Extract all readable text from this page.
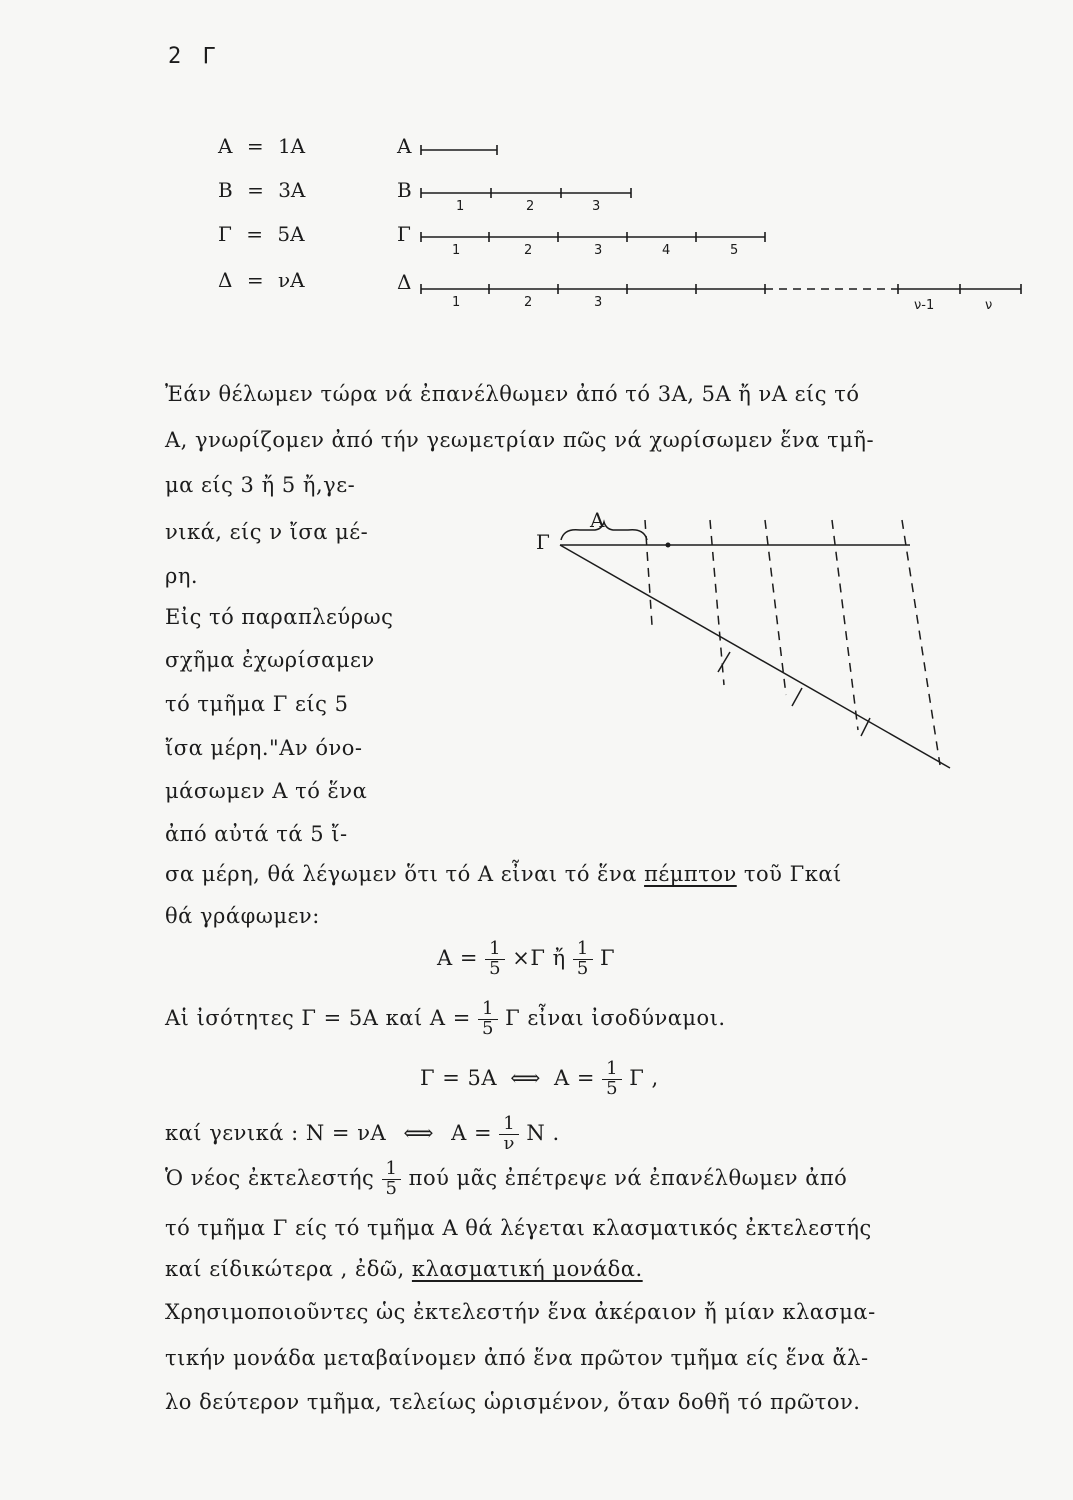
2 Γ
Α = 1Α
Β = 3Α
Γ = 5Α
Δ = νΑ
Α
Β
Γ
Δ
1	2	3
1	2	3	4	5
1	2	3	ν-1	ν
Ἐάν θέλωμεν τώρα νά ἐπανέλθωμεν ἀπό τό 3Α, 5Α ἤ νΑ είς τό
Α, γνωρίζομεν ἀπό τήν γεωμετρίαν πῶς νά χωρίσωμεν ἕνα τμῆ-
μα είς 3 ἤ 5 ἤ,γε-
νικά, είς ν ἴσα μέ-
ρη.
Εἰς τό παραπλεύρως
σχῆμα ἐχωρίσαμεν
τό τμῆμα Γ είς 5
ἴσα μέρη."Αν όνο-
μάσωμεν Α τό ἕνα
ἀπό αὐτά τά 5 ἴ-
Γ
Α
σα μέρη, θά λέγωμεν ὅτι τό Α εἶναι τό ἕνα πέμπτον τοῦ Γκαί
θά γράφωμεν:
$A = \frac{1}{5} \times\Gamma$ ἤ $\frac{1}{5}$ Γ
Αἱ ἰσότητες Γ = 5Α καί $A = \frac{1}{5}$ Γ εἶναι ἰσοδύναμοι.
Γ = 5Α ⟺ $A = \frac{1}{5}$ Γ ,
καί γενικά : Ν = νΑ ⟺ $A = \frac{1}{\nu}$ Ν .
Ὁ νέος ἐκτελεστής $\frac{1}{5}$ πού μᾶς ἐπέτρεψε νά ἐπανέλθωμεν ἀπό
τό τμῆμα Γ είς τό τμῆμα Α θά λέγεται κλασματικός ἐκτελεστής
καί είδικώτερα , ἐδῶ, κλασματική μονάδα.
Χρησιμοποιοῦντες ὡς ἐκτελεστήν ἕνα ἀκέραιον ἤ μίαν κλασμα-
τικήν μονάδα μεταβαίνομεν ἀπό ἕνα πρῶτον τμῆμα είς ἕνα ἄλ-
λο δεύτερον τμῆμα, τελείως ὡρισμένον, ὅταν δοθῆ τό πρῶτον.
